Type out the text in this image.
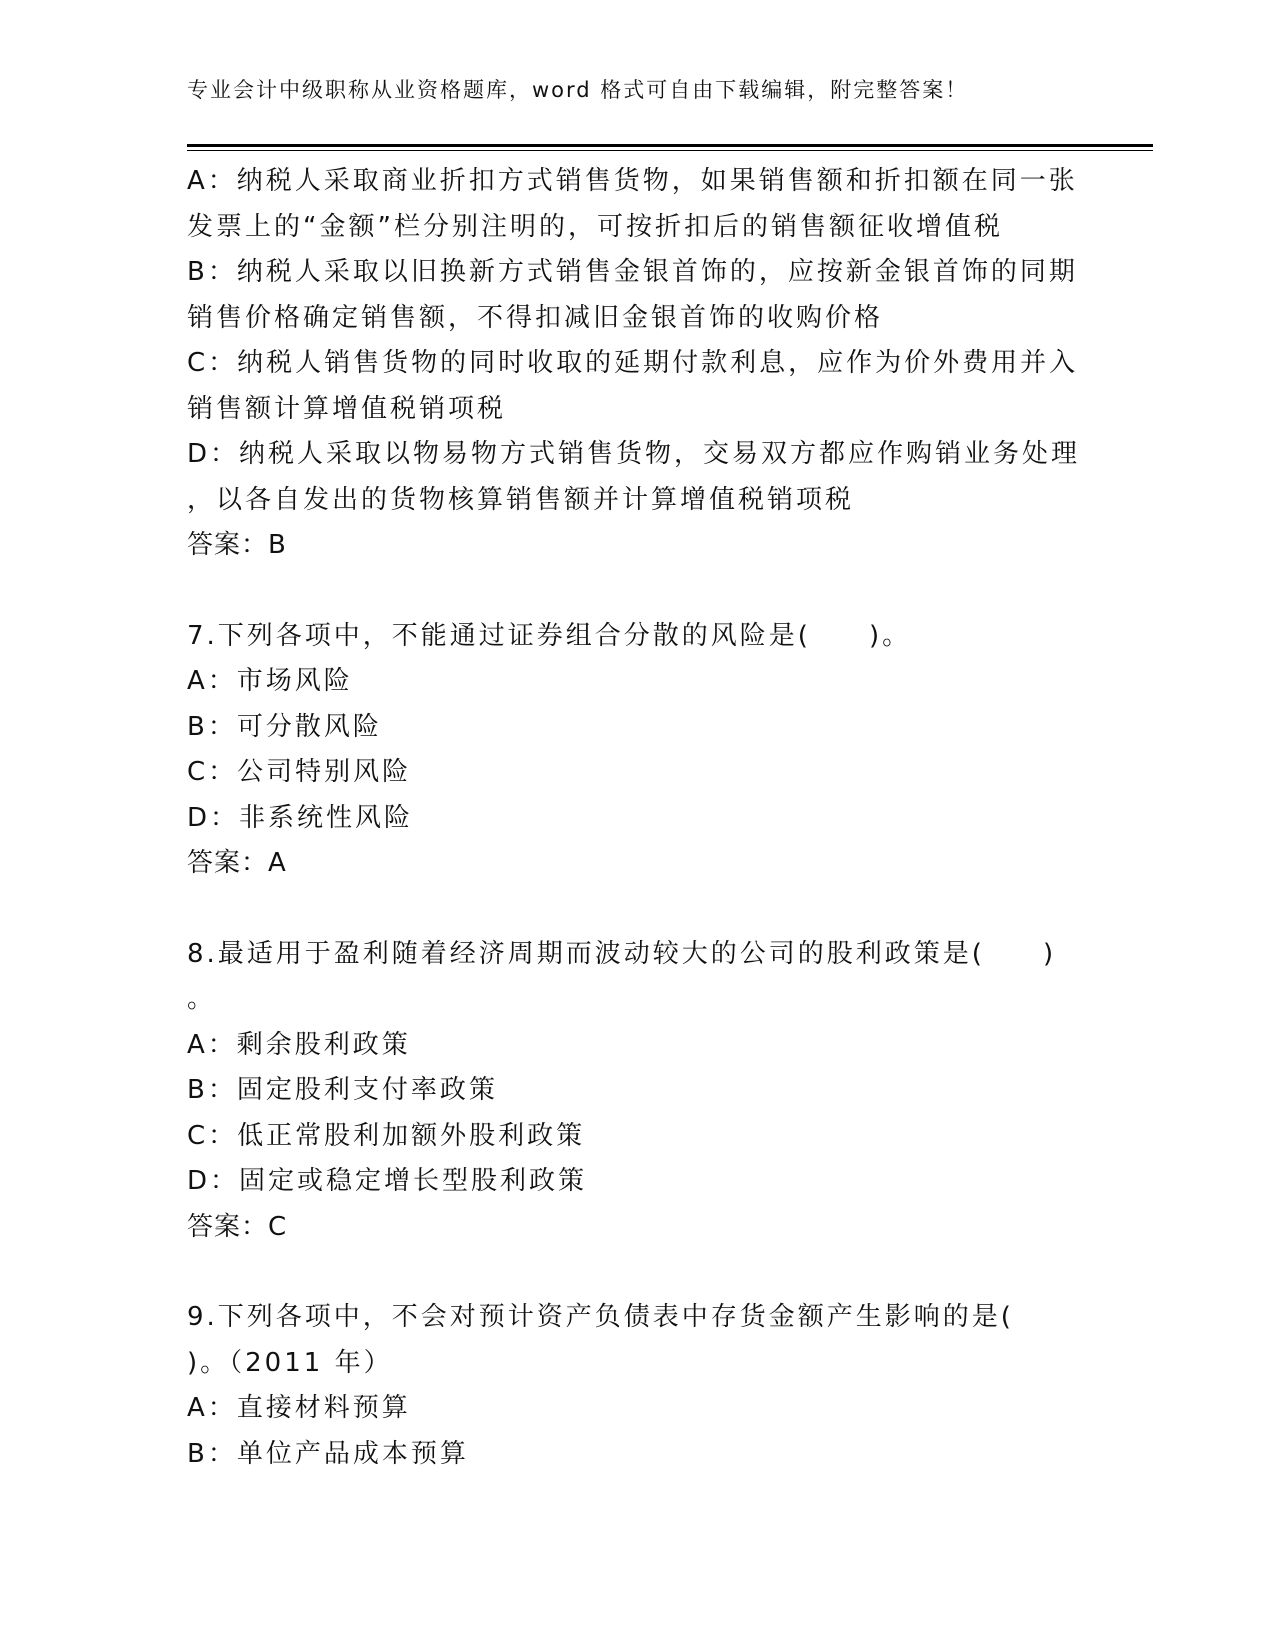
专业会计中级职称从业资格题库，word 格式可自由下载编辑，附完整答案！
A：纳税人采取商业折扣方式销售货物，如果销售额和折扣额在同一张
发票上的“金额”栏分别注明的，可按折扣后的销售额征收增值税
B：纳税人采取以旧换新方式销售金银首饰的，应按新金银首饰的同期
销售价格确定销售额，不得扣减旧金银首饰的收购价格
C：纳税人销售货物的同时收取的延期付款利息，应作为价外费用并入
销售额计算增值税销项税
D：纳税人采取以物易物方式销售货物，交易双方都应作购销业务处理
，以各自发出的货物核算销售额并计算增值税销项税
答案：B
7.下列各项中，不能通过证券组合分散的风险是(　　)。
A：市场风险
B：可分散风险
C：公司特别风险
D：非系统性风险
答案：A
8.最适用于盈利随着经济周期而波动较大的公司的股利政策是(　　)
。
A：剩余股利政策
B：固定股利支付率政策
C：低正常股利加额外股利政策
D：固定或稳定增长型股利政策
答案：C
9.下列各项中，不会对预计资产负债表中存货金额产生影响的是(
)。（2011 年）
A：直接材料预算
B：单位产品成本预算
